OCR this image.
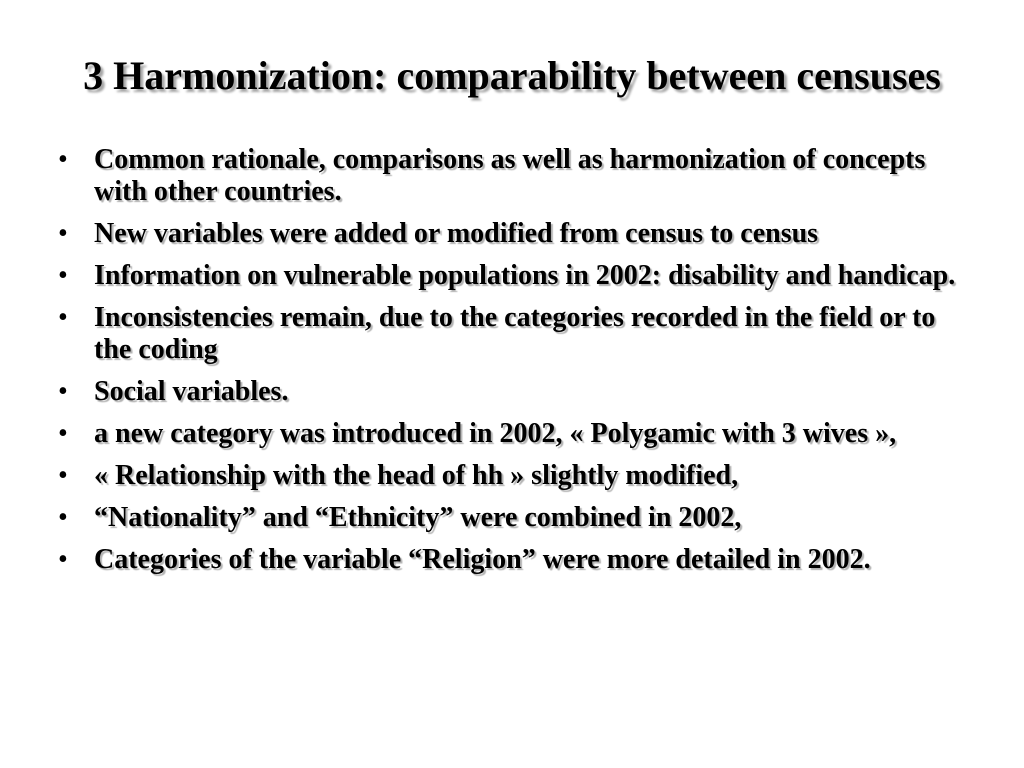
3 Harmonization: comparability between censuses
• Common rationale, comparisons as well as harmonization of concepts with other countries.
• New variables were added or modified from census to census
• Information on vulnerable populations in 2002: disability and handicap.
• Inconsistencies remain, due to the categories recorded in the field or to the coding
• Social variables.
• a new category was introduced in 2002, « Polygamic with 3 wives »,
• « Relationship with the head of hh » slightly modified,
• “Nationality” and “Ethnicity” were combined in 2002,
• Categories of the variable “Religion” were more detailed in 2002.
